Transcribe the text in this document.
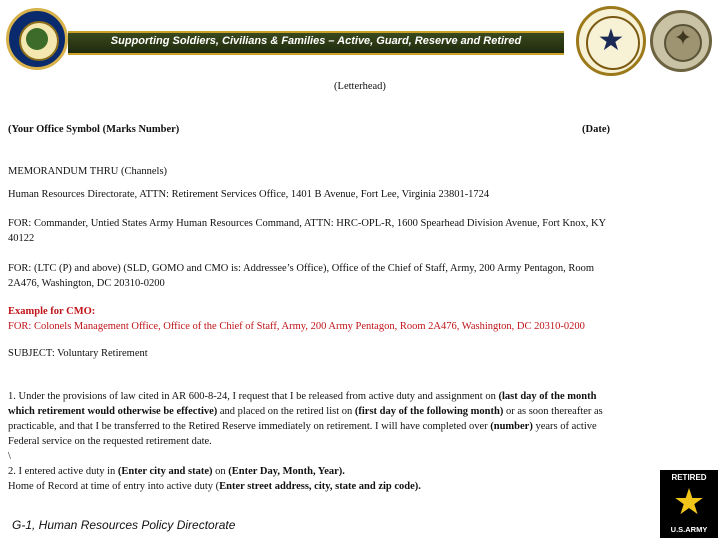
Supporting Soldiers, Civilians & Families – Active, Guard, Reserve and Retired	★	✦
(Letterhead)
(Your Office Symbol (Marks Number)	(Date)
MEMORANDUM THRU (Channels)
Human Resources Directorate, ATTN: Retirement Services Office, 1401 B Avenue, Fort Lee, Virginia 23801-1724
FOR: Commander, Untied States Army Human Resources Command, ATTN: HRC-OPL-R, 1600 Spearhead Division Avenue, Fort Knox, KY
40122
FOR: (LTC (P) and above) (SLD, GOMO and CMO is: Addressee’s Office), Office of the Chief of Staff, Army, 200 Army Pentagon, Room
2A476, Washington, DC 20310-0200
Example for CMO:
FOR: Colonels Management Office, Office of the Chief of Staff, Army, 200 Army Pentagon, Room 2A476, Washington, DC 20310-0200
SUBJECT: Voluntary Retirement
1. Under the provisions of law cited in AR 600-8-24, I request that I be released from active duty and assignment on (last day of the month
which retirement would otherwise be effective) and placed on the retired list on (first day of the following month) or as soon thereafter as
practicable, and that I be transferred to the Retired Reserve immediately on retirement. I will have completed over (number) years of active
Federal service on the requested retirement date.
\
2. I entered active duty in (Enter city and state) on (Enter Day, Month, Year).
Home of Record at time of entry into active duty (Enter street address, city, state and zip code).
G-1, Human Resources Policy Directorate
RETIRED
★
U.S.ARMY
